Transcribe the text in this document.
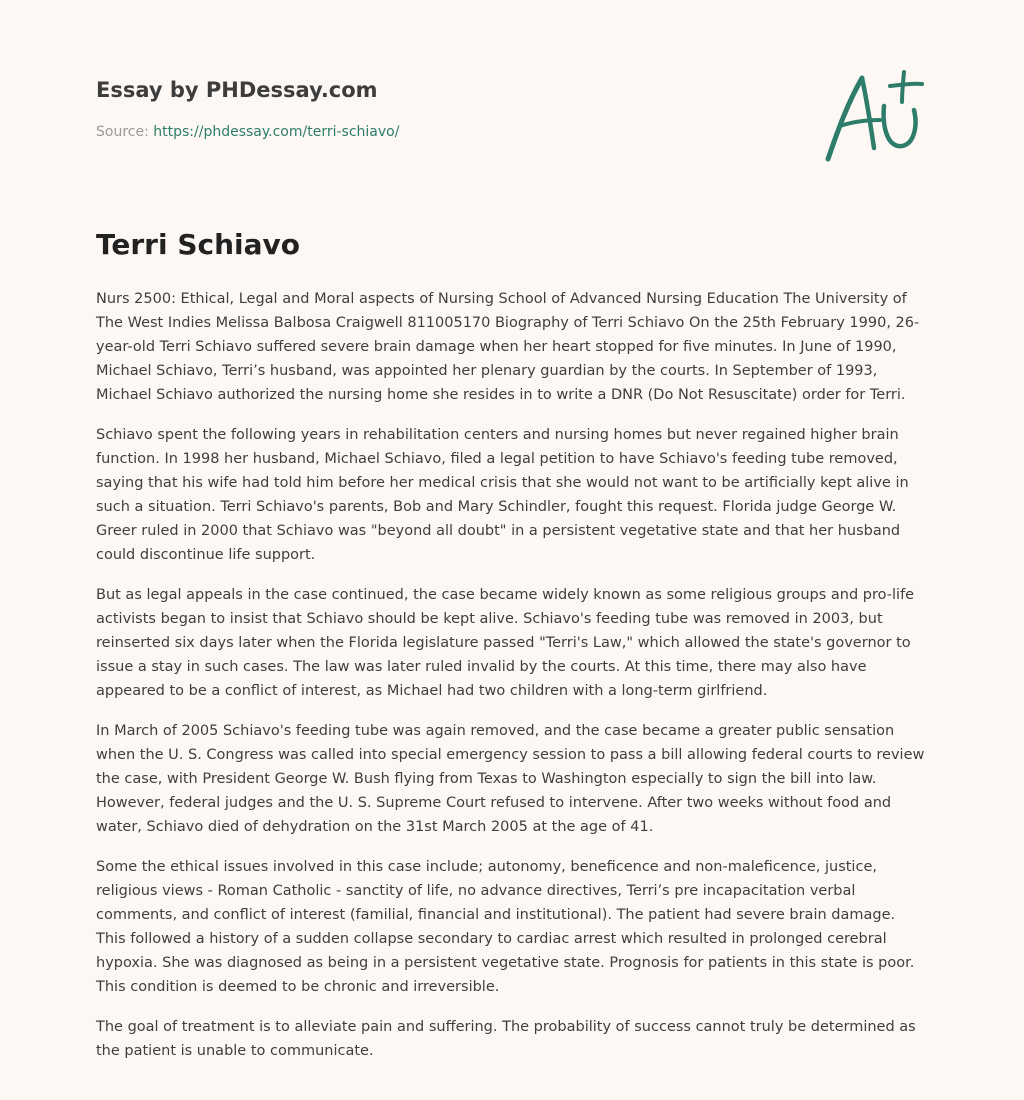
Essay by PHDessay.com
Source: https://phdessay.com/terri-schiavo/
Terri Schiavo

Nurs 2500: Ethical, Legal and Moral aspects of Nursing School of Advanced Nursing Education The University of The West Indies Melissa Balbosa Craigwell 811005170 Biography of Terri Schiavo On the 25th February 1990, 26-year-old Terri Schiavo suffered severe brain damage when her heart stopped for five minutes. In June of 1990, Michael Schiavo, Terri’s husband, was appointed her plenary guardian by the courts. In September of 1993, Michael Schiavo authorized the nursing home she resides in to write a DNR (Do Not Resuscitate) order for Terri.

Schiavo spent the following years in rehabilitation centers and nursing homes but never regained higher brain function. In 1998 her husband, Michael Schiavo, filed a legal petition to have Schiavo's feeding tube removed, saying that his wife had told him before her medical crisis that she would not want to be artificially kept alive in such a situation. Terri Schiavo's parents, Bob and Mary Schindler, fought this request. Florida judge George W. Greer ruled in 2000 that Schiavo was "beyond all doubt" in a persistent vegetative state and that her husband could discontinue life support.

But as legal appeals in the case continued, the case became widely known as some religious groups and pro-life activists began to insist that Schiavo should be kept alive. Schiavo's feeding tube was removed in 2003, but reinserted six days later when the Florida legislature passed "Terri's Law," which allowed the state's governor to issue a stay in such cases. The law was later ruled invalid by the courts. At this time, there may also have appeared to be a conflict of interest, as Michael had two children with a long-term girlfriend.

In March of 2005 Schiavo's feeding tube was again removed, and the case became a greater public sensation when the U. S. Congress was called into special emergency session to pass a bill allowing federal courts to review the case, with President George W. Bush flying from Texas to Washington especially to sign the bill into law. However, federal judges and the U. S. Supreme Court refused to intervene. After two weeks without food and water, Schiavo died of dehydration on the 31st March 2005 at the age of 41.

Some the ethical issues involved in this case include; autonomy, beneficence and non-maleficence, justice, religious views - Roman Catholic - sanctity of life, no advance directives, Terri’s pre incapacitation verbal comments, and conflict of interest (familial, financial and institutional). The patient had severe brain damage. This followed a history of a sudden collapse secondary to cardiac arrest which resulted in prolonged cerebral hypoxia. She was diagnosed as being in a persistent vegetative state. Prognosis for patients in this state is poor. This condition is deemed to be chronic and irreversible.

The goal of treatment is to alleviate pain and suffering. The probability of success cannot truly be determined as the patient is unable to communicate.
